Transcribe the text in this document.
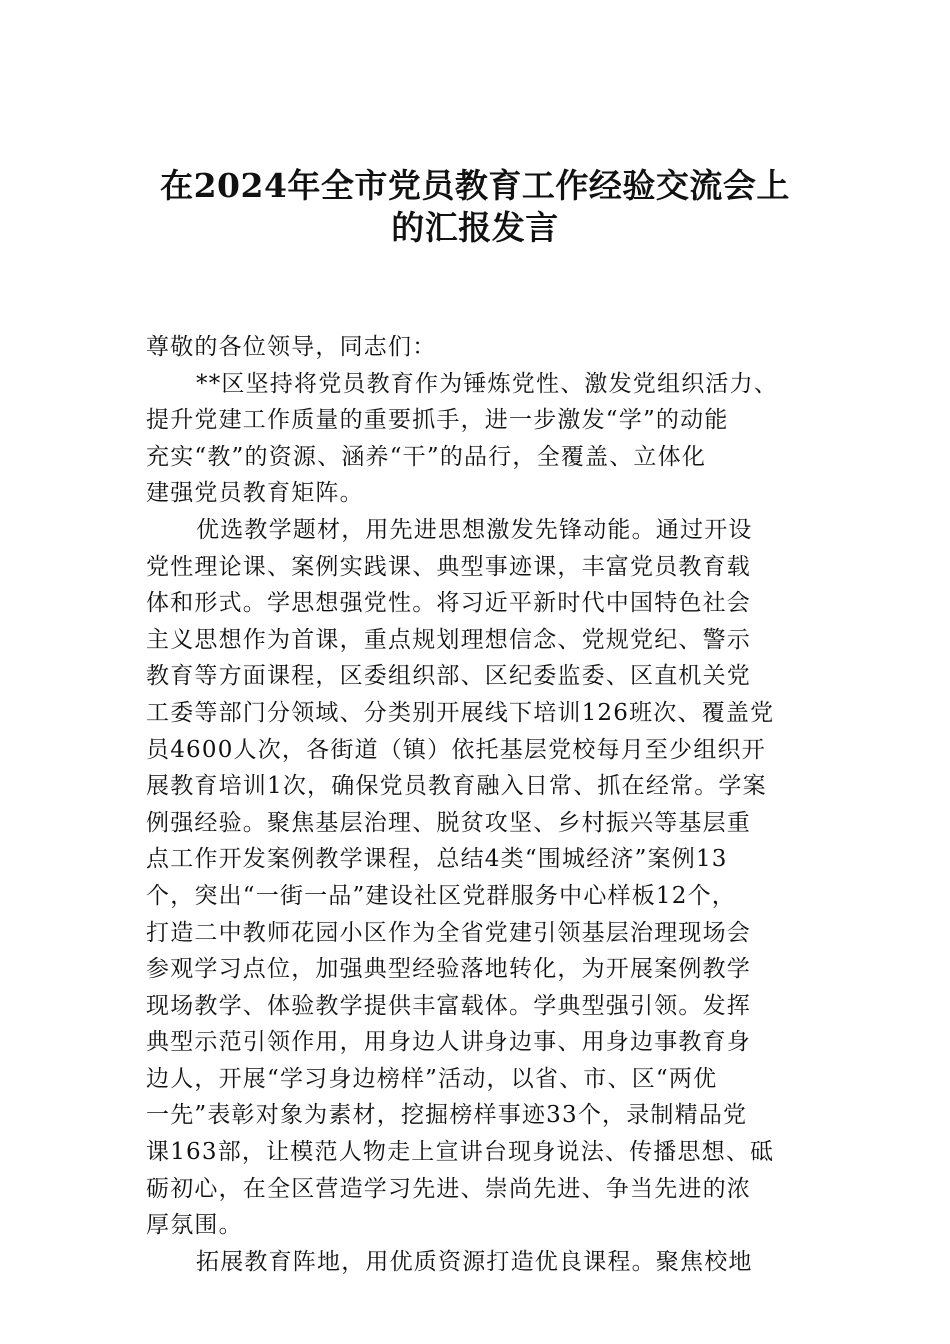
在2024年全市党员教育工作经验交流会上
的汇报发言
尊敬的各位领导，同志们：
**区坚持将党员教育作为锤炼党性、激发党组织活力、
提升党建工作质量的重要抓手，进一步激发“学”的动能
充实“教”的资源、涵养“干”的品行，全覆盖、立体化
建强党员教育矩阵。
优选教学题材，用先进思想激发先锋动能。通过开设
党性理论课、案例实践课、典型事迹课，丰富党员教育载
体和形式。学思想强党性。将习近平新时代中国特色社会
主义思想作为首课，重点规划理想信念、党规党纪、警示
教育等方面课程，区委组织部、区纪委监委、区直机关党
工委等部门分领域、分类别开展线下培训126班次、覆盖党
员4600人次，各街道（镇）依托基层党校每月至少组织开
展教育培训1次，确保党员教育融入日常、抓在经常。学案
例强经验。聚焦基层治理、脱贫攻坚、乡村振兴等基层重
点工作开发案例教学课程，总结4类“围城经济”案例13
个，突出“一街一品”建设社区党群服务中心样板12个，
打造二中教师花园小区作为全省党建引领基层治理现场会
参观学习点位，加强典型经验落地转化，为开展案例教学
现场教学、体验教学提供丰富载体。学典型强引领。发挥
典型示范引领作用，用身边人讲身边事、用身边事教育身
边人，开展“学习身边榜样”活动，以省、市、区“两优
一先”表彰对象为素材，挖掘榜样事迹33个，录制精品党
课163部，让模范人物走上宣讲台现身说法、传播思想、砥
砺初心，在全区营造学习先进、崇尚先进、争当先进的浓
厚氛围。
拓展教育阵地，用优质资源打造优良课程。聚焦校地
